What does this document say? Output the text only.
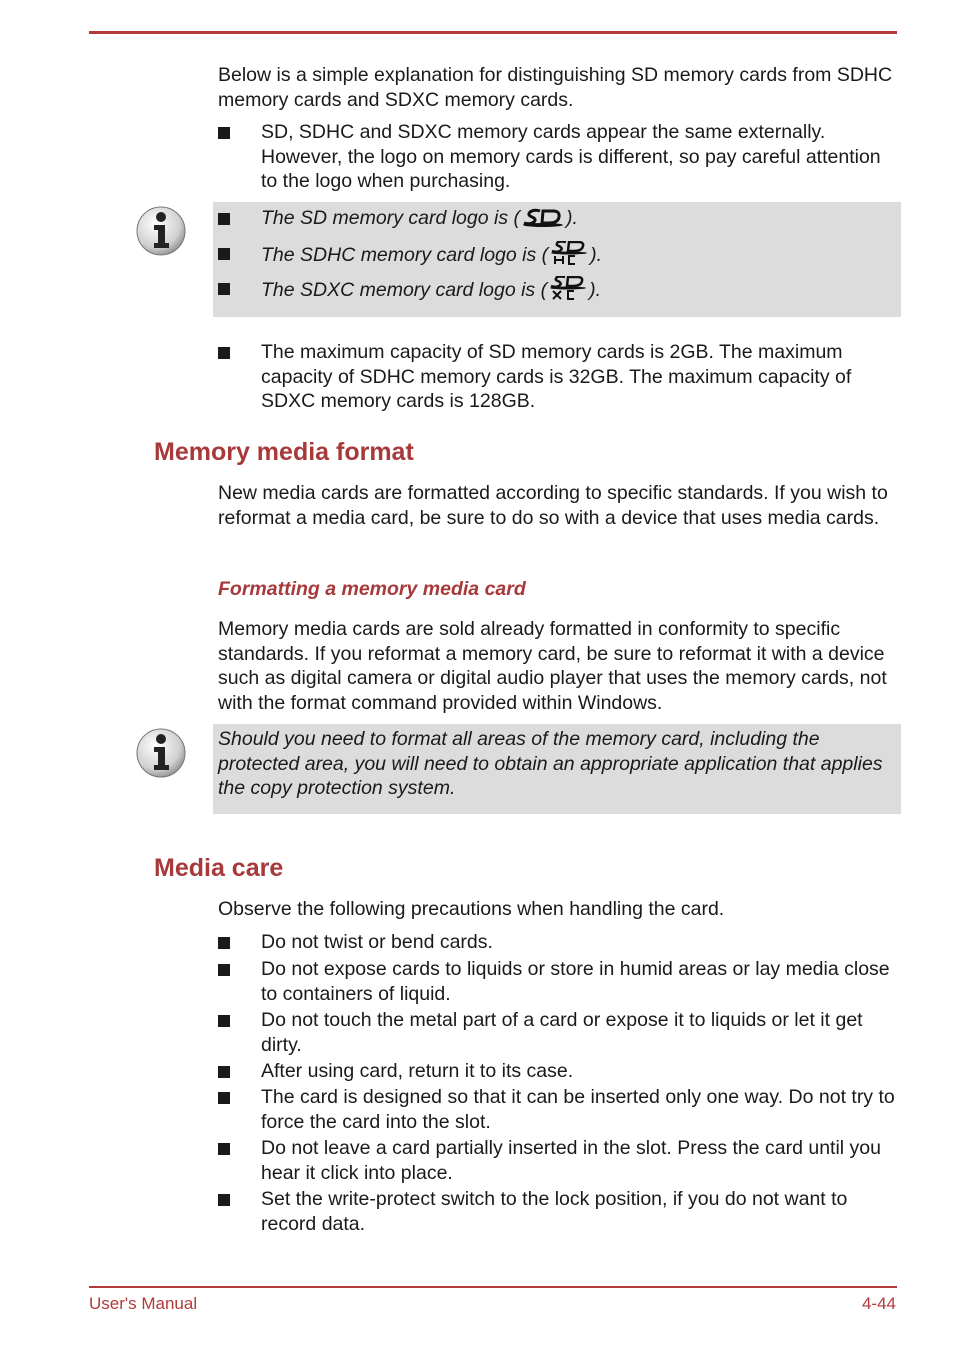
Below is a simple explanation for distinguishing SD memory cards from SDHC memory cards and SDXC memory cards.
SD, SDHC and SDXC memory cards appear the same externally. However, the logo on memory cards is different, so pay careful attention to the logo when purchasing.
The SD memory card logo is ( ).
The SDHC memory card logo is ( ).
The SDXC memory card logo is ( ).
The maximum capacity of SD memory cards is 2GB. The maximum capacity of SDHC memory cards is 32GB. The maximum capacity of SDXC memory cards is 128GB.
Memory media format
New media cards are formatted according to specific standards. If you wish to reformat a media card, be sure to do so with a device that uses media cards.
Formatting a memory media card
Memory media cards are sold already formatted in conformity to specific standards. If you reformat a memory card, be sure to reformat it with a device such as digital camera or digital audio player that uses the memory cards, not with the format command provided within Windows.
Should you need to format all areas of the memory card, including the protected area, you will need to obtain an appropriate application that applies the copy protection system.
Media care
Observe the following precautions when handling the card.
Do not twist or bend cards.
Do not expose cards to liquids or store in humid areas or lay media close to containers of liquid.
Do not touch the metal part of a card or expose it to liquids or let it get dirty.
After using card, return it to its case.
The card is designed so that it can be inserted only one way. Do not try to force the card into the slot.
Do not leave a card partially inserted in the slot. Press the card until you hear it click into place.
Set the write-protect switch to the lock position, if you do not want to record data.
User's Manual	4-44
